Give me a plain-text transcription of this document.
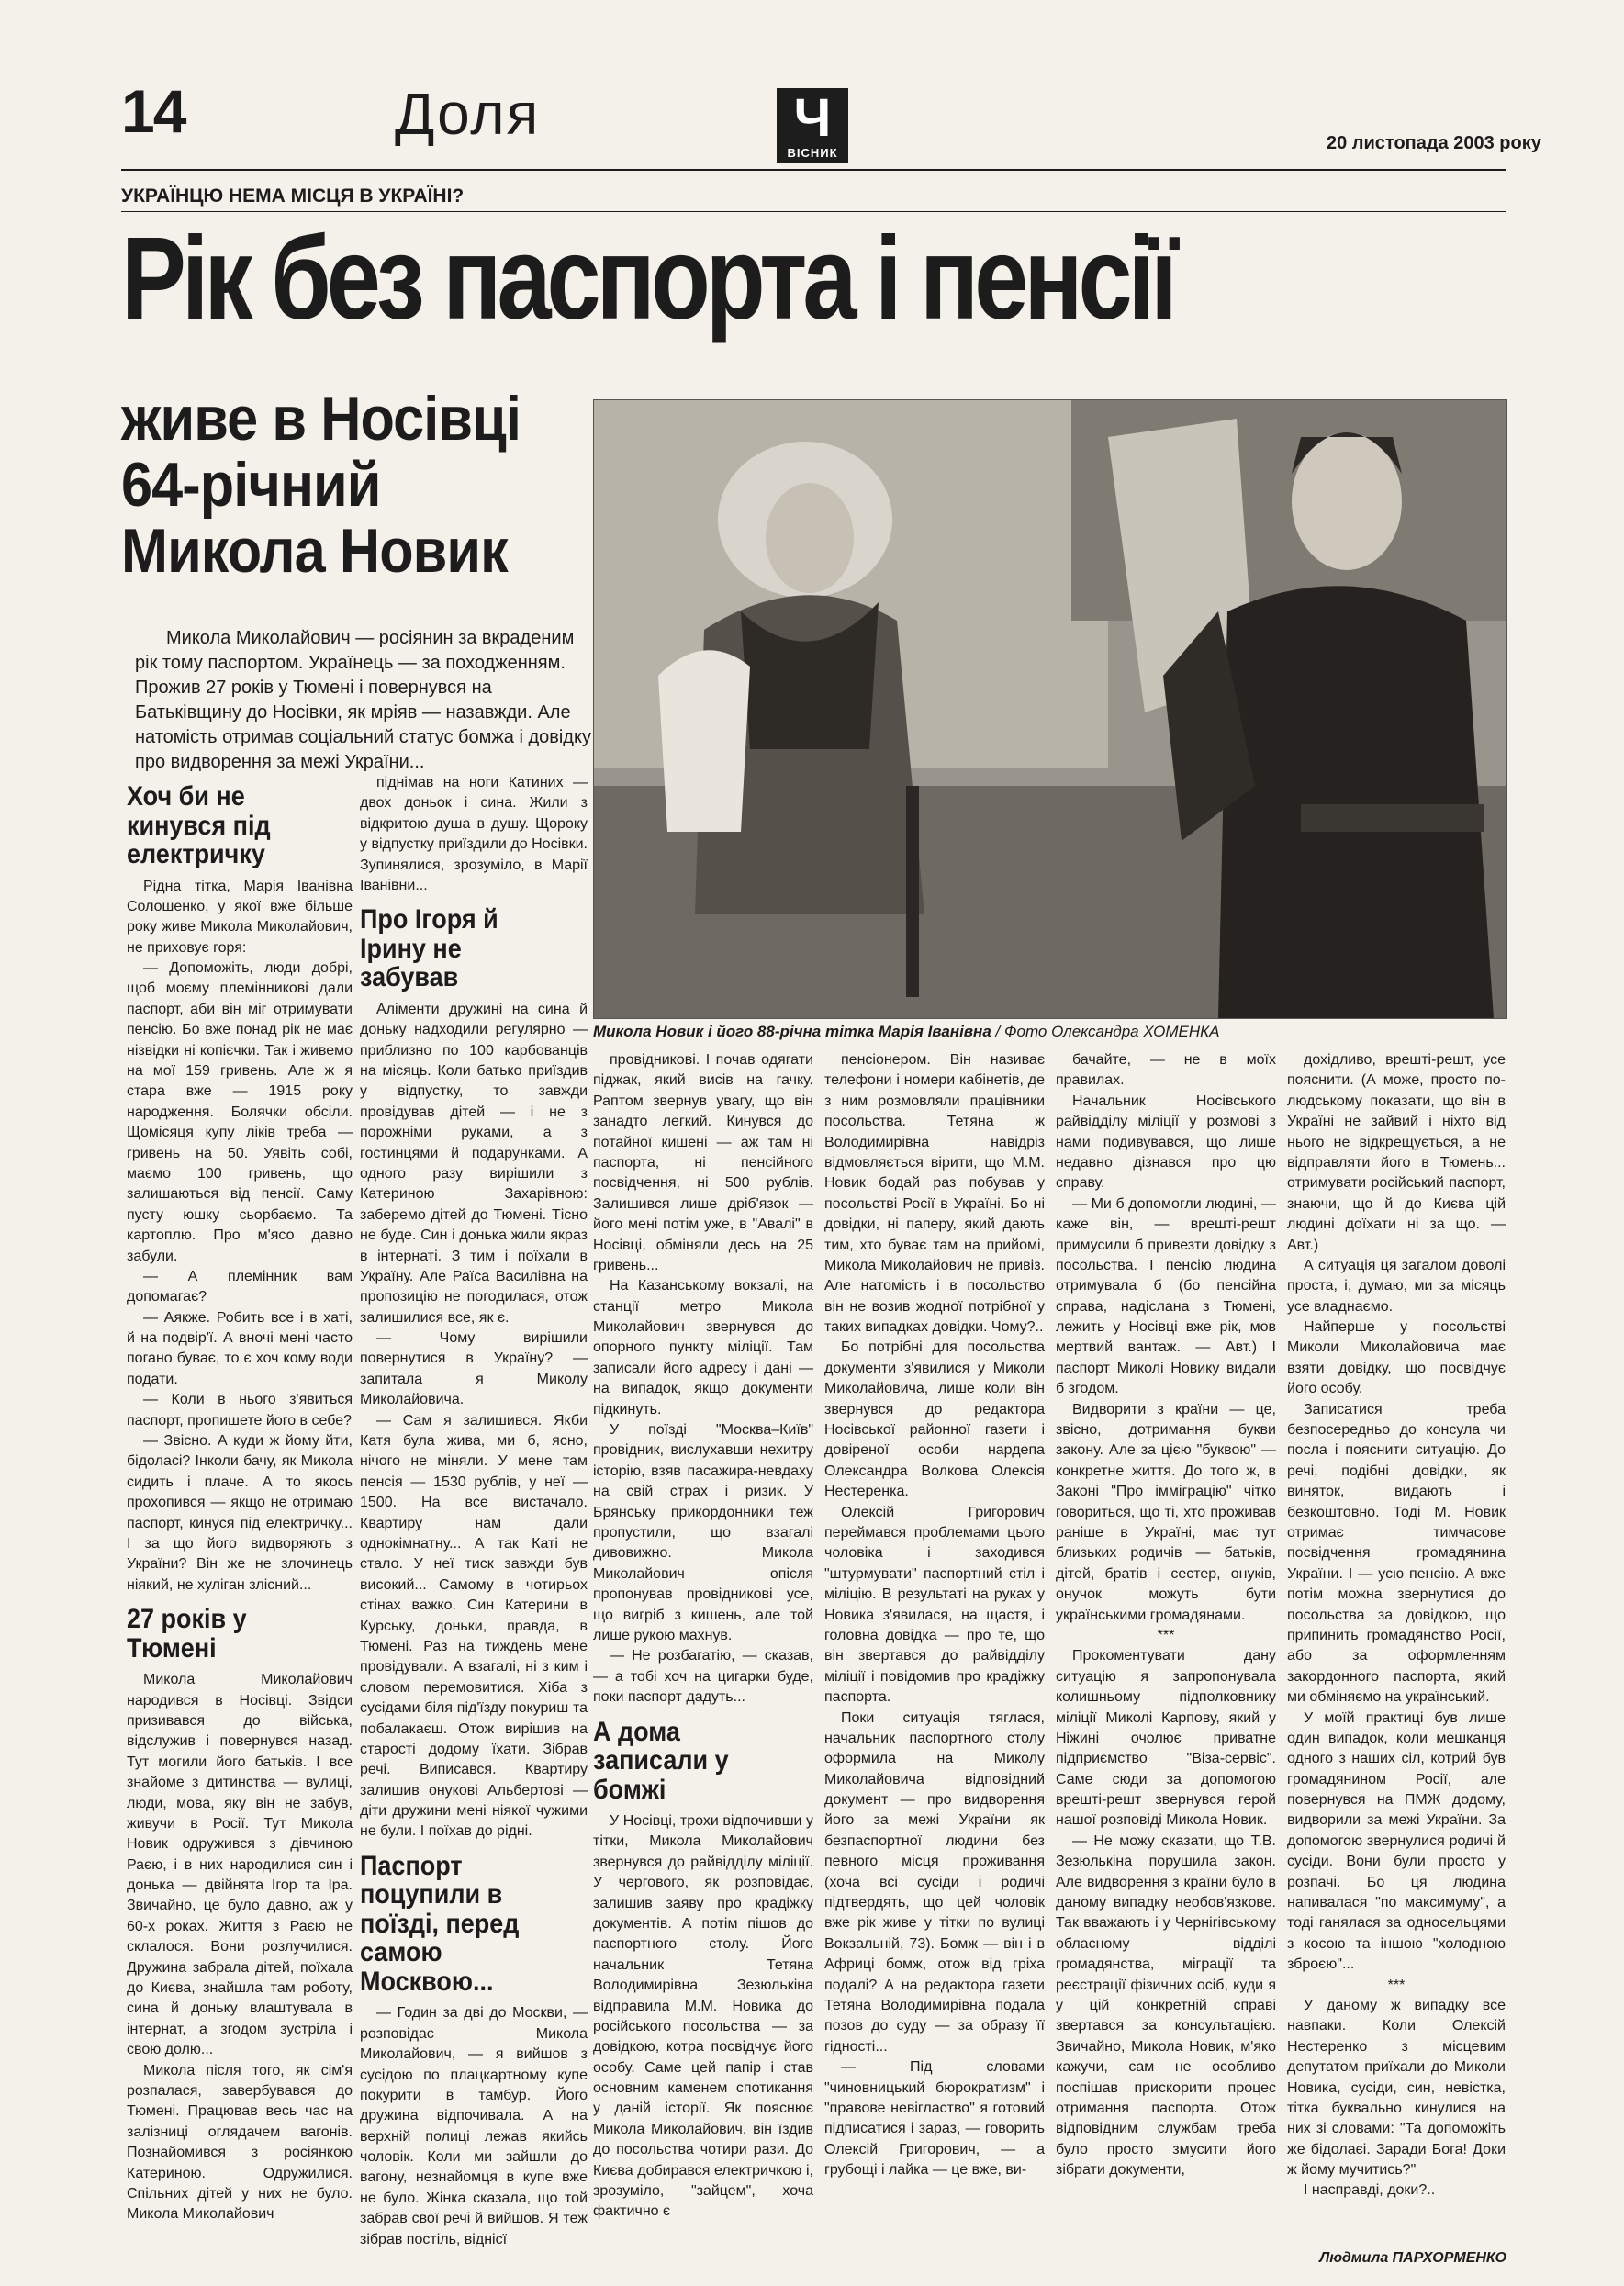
14	Доля	Ч
ВІСНИК	20 листопада 2003 року
УКРАЇНЦЮ НЕМА МІСЦЯ В УКРАЇНІ?
Рік без паспорта і пенсії
живе в Носівці
64-річний
Микола Новик

Микола Миколайович — росіянин за вкраденим рік тому паспортом. Українець — за походженням. Прожив 27 років у Тюмені і повернувся на Батьківщину до Носівки, як мріяв — назавжди. Але натомість отримав соціальний статус бомжа і довідку про видворення за межі України...

Микола Новик і його 88-річна тітка Марія Іванівна / Фото Олександра ХОМЕНКА
Хоч би не кинувся під електричку

Рідна тітка, Марія Іванівна Солошенко, у якої вже більше року живе Микола Миколайович, не приховує горя:

— Допоможіть, люди добрі, щоб моєму племінникові дали паспорт, аби він міг отримувати пенсію. Бо вже понад рік не має нізвідки ні копієчки. Так і живемо на мої 159 гривень. Але ж я стара вже — 1915 року народження. Болячки обсіли. Щомісяця купу ліків треба — гривень на 50. Уявіть собі, маємо 100 гривень, що залишаються від пенсії. Саму пусту юшку сьорбаємо. Та картоплю. Про м'ясо давно забули.

— А племінник вам допомагає?

— Аякже. Робить все і в хаті, й на подвір'ї. А вночі мені часто погано буває, то є хоч кому води подати.

— Коли в нього з'явиться паспорт, пропишете його в себе?

— Звісно. А куди ж йому йти, бідоласі? Інколи бачу, як Микола сидить і плаче. А то якось прохопився — якщо не отримаю паспорт, кинуся під електричку... І за що його видворяють з України? Він же не злочинець ніякий, не хуліган злісний...

27 років у Тюмені

Микола Миколайович народився в Носівці. Звідси призивався до війська, відслужив і повернувся назад. Тут могили його батьків. І все знайоме з дитинства — вулиці, люди, мова, яку він не забув, живучи в Росії. Тут Микола Новик одружився з дівчиною Раєю, і в них народилися син і донька — двійнята Ігор та Іра. Звичайно, це було давно, аж у 60-х роках. Життя з Раєю не склалося. Вони розлучилися. Дружина забрала дітей, поїхала до Києва, знайшла там роботу, сина й доньку влаштувала в інтернат, а згодом зустріла і свою долю...

Микола після того, як сім'я розпалася, завербувався до Тюмені. Працював весь час на залізниці оглядачем вагонів. Познайомився з росіянкою Катериною. Одружилися. Спільних дітей у них не було. Микола Миколайович

піднімав на ноги Катиних — двох доньок і сина. Жили з відкритою душа в душу. Щороку у відпустку приїздили до Носівки. Зупинялися, зрозуміло, в Марії Іванівни...

Про Ігоря й Ірину не забував

Аліменти дружині на сина й доньку надходили регулярно — приблизно по 100 карбованців на місяць. Коли батько приїздив у відпустку, то завжди провідував дітей — і не з порожніми руками, а з гостинцями й подарунками. А одного разу вирішили з Катериною Захарівною: заберемо дітей до Тюмені. Тісно не буде. Син і донька жили якраз в інтернаті. З тим і поїхали в Україну. Але Раїса Василівна на пропозицію не погодилася, отож залишилися все, як є.

— Чому вирішили повернутися в Україну? — запитала я Миколу Миколайовича.

— Сам я залишився. Якби Катя була жива, ми б, ясно, нічого не міняли. У мене там пенсія — 1530 рублів, у неї — 1500. На все вистачало. Квартиру нам дали однокімнатну... А так Каті не стало. У неї тиск завжди був високий... Самому в чотирьох стінах важко. Син Катерини в Курську, доньки, правда, в Тюмені. Раз на тиждень мене провідували. А взагалі, ні з ким і словом перемовитися. Хіба з сусідами біля під'їзду покуриш та побалакаєш. Отож вирішив на старості додому їхати. Зібрав речі. Виписався. Квартиру залишив онукові Альбертові — діти дружини мені ніякої чужими не були. І поїхав до рідні.

Паспорт поцупили в поїзді, перед самою Москвою...

— Годин за дві до Москви, — розповідає Микола Миколайович, — я вийшов з сусідою по плацкартному купе покурити в тамбур. Його дружина відпочивала. А на верхній полиці лежав якийсь чоловік. Коли ми зайшли до вагону, незнайомця в купе вже не було. Жінка сказала, що той забрав свої речі й вийшов. Я теж зібрав постіль, віднісї

провідникові. І почав одягати піджак, який висів на гачку. Раптом звернув увагу, що він занадто легкий. Кинувся до потайної кишені — аж там ні паспорта, ні пенсійного посвідчення, ні 500 рублів. Залишився лише дріб'язок — його мені потім уже, в "Авалі" в Носівці, обміняли десь на 25 гривень...

На Казанському вокзалі, на станції метро Микола Миколайович звернувся до опорного пункту міліції. Там записали його адресу і дані — на випадок, якщо документи підкинуть.

У поїзді "Москва–Київ" провідник, вислухавши нехитру історію, взяв пасажира-невдаху на свій страх і ризик. У Брянську прикордонники теж пропустили, що взагалі дивовижно. Микола Миколайович опісля пропонував провідникові усе, що вигріб з кишень, але той лише рукою махнув.

— Не розбагатію, — сказав, — а тобі хоч на цигарки буде, поки паспорт дадуть...

А дома записали у бомжі

У Носівці, трохи відпочивши у тітки, Микола Миколайович звернувся до райвідділу міліції. У чергового, як розповідає, залишив заяву про крадіжку документів. А потім пішов до паспортного столу. Його начальник Тетяна Володимирівна Зезюлькіна відправила М.М. Новика до російського посольства — за довідкою, котра посвідчує його особу. Саме цей папір і став основним каменем спотикання у даній історії. Як пояснює Микола Миколайович, він їздив до посольства чотири рази. До Києва добирався електричкою і, зрозуміло, "зайцем", хоча фактично є

пенсіонером. Він називає телефони і номери кабінетів, де з ним розмовляли працівники посольства. Тетяна ж Володимирівна навідріз відмовляється вірити, що М.М. Новик бодай раз побував у посольстві Росії в Україні. Бо ні довідки, ні паперу, який дають тим, хто буває там на прийомі, Микола Миколайович не привіз. Але натомість і в посольство він не возив жодної потрібної у таких випадках довідки. Чому?..

Бо потрібні для посольства документи з'явилися у Миколи Миколайовича, лише коли він звернувся до редактора Носівської районної газети і довіреної особи нардепа Олександра Волкова Олексія Нестеренка.

Олексій Григорович переймався проблемами цього чоловіка і заходився "штурмувати" паспортний стіл і міліцію. В результаті на руках у Новика з'явилася, на щастя, і головна довідка — про те, що він звертався до райвідділу міліції і повідомив про крадіжку паспорта.

Поки ситуація тяглася, начальник паспортного столу оформила на Миколу Миколайовича відповідний документ — про видворення його за межі України як безпаспортної людини без певного місця проживання (хоча всі сусіди і родичі підтвердять, що цей чоловік вже рік живе у тітки по вулиці Вокзальній, 73). Бомж — він і в Африці бомж, отож від гріха подалі? А на редактора газети Тетяна Володимирівна подала позов до суду — за образу її гідності...

— Під словами "чиновницький бюрократизм" і "правове невігластво" я готовий підписатися і зараз, — говорить Олексій Григорович, — а грубощі і лайка — це вже, ви-

бачайте, — не в моїх правилах.

Начальник Носівського райвідділу міліції у розмові з нами подивувався, що лише недавно дізнався про цю справу.

— Ми б допомогли людині, — каже він, — врешті-решт примусили б привезти довідку з посольства. І пенсію людина отримувала б (бо пенсійна справа, надіслана з Тюмені, лежить у Носівці вже рік, мов мертвий вантаж. — Авт.) І паспорт Миколі Новику видали б згодом.

Видворити з країни — це, звісно, дотримання букви закону. Але за цією "буквою" — конкретне життя. До того ж, в Законі "Про імміграцію" чітко говориться, що ті, хто проживав раніше в Україні, має тут близьких родичів — батьків, дітей, братів і сестер, онуків, онучок можуть бути українськими громадянами.

***

Прокоментувати дану ситуацію я запропонувала колишньому підполковнику міліції Миколі Карпову, який у Ніжині очолює приватне підприємство "Віза-сервіс". Саме сюди за допомогою врешті-решт звернувся герой нашої розповіді Микола Новик.

— Не можу сказати, що Т.В. Зезюлькіна порушила закон. Але видворення з країни було в даному випадку необов'язкове. Так вважають і у Чернігівському обласному відділі громадянства, міграції та реєстрації фізичних осіб, куди я у цій конкретній справі звертався за консультацією. Звичайно, Микола Новик, м'яко кажучи, сам не особливо поспішав прискорити процес отримання паспорта. Отож відповідним службам треба було просто змусити його зібрати документи,

дохідливо, врешті-решт, усе пояснити. (А може, просто по-людському показати, що він в Україні не зайвий і ніхто від нього не відкрещується, а не відправляти його в Тюмень... отримувати російський паспорт, знаючи, що й до Києва цій людині доїхати ні за що. — Авт.)

А ситуація ця загалом доволі проста, і, думаю, ми за місяць усе владнаємо.

Найперше у посольстві Миколи Миколайовича має взяти довідку, що посвідчує його особу.

Записатися треба безпосередньо до консула чи посла і пояснити ситуацію. До речі, подібні довідки, як виняток, видають і безкоштовно. Тоді М. Новик отримає тимчасове посвідчення громадянина України. І — усю пенсію. А вже потім можна звернутися до посольства за довідкою, що припинить громадянство Росії, або за оформленням закордонного паспорта, який ми обміняємо на український.

У моїй практиці був лише один випадок, коли мешканця одного з наших сіл, котрий був громадянином Росії, але повернувся на ПМЖ додому, видворили за межі України. За допомогою звернулися родичі й сусіди. Вони були просто у розпачі. Бо ця людина напивалася "по максимуму", а тоді ганялася за односельцями з косою та іншою "холодною зброєю"...

***

У даному ж випадку все навпаки. Коли Олексій Нестеренко з місцевим депутатом приїхали до Миколи Новика, сусіди, син, невістка, тітка буквально кинулися на них зі словами: "Та допоможіть же бідолаєі. Заради Бога! Доки ж йому мучитись?"

І насправді, доки?..

Людмила ПАРХОРМЕНКО
